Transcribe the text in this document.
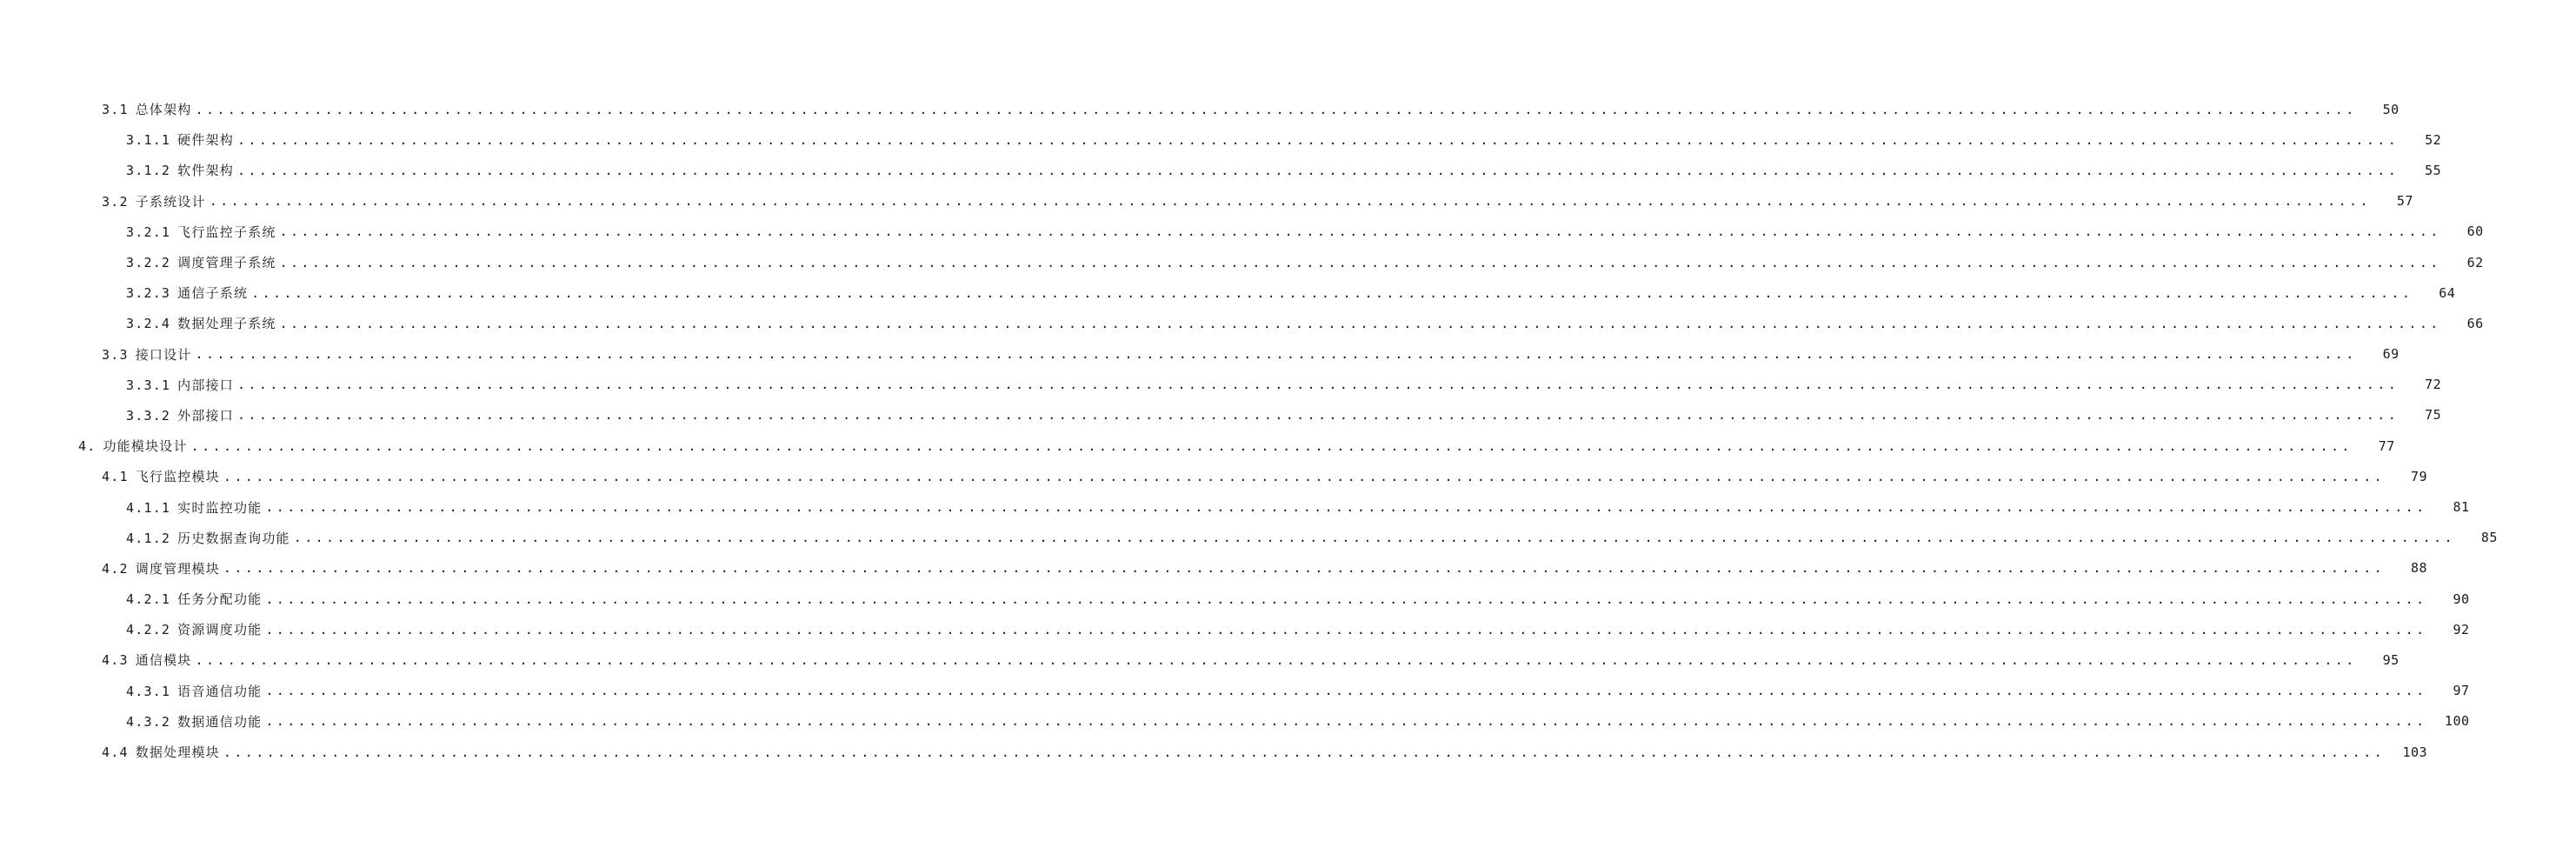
3.1 总体架构 ........................................................................................................................................................................................................	50
3.1.1 硬件架构 ........................................................................................................................................................................................................	52
3.1.2 软件架构 ........................................................................................................................................................................................................	55
3.2 子系统设计 ........................................................................................................................................................................................................	57
3.2.1 飞行监控子系统 ........................................................................................................................................................................................................	60
3.2.2 调度管理子系统 ........................................................................................................................................................................................................	62
3.2.3 通信子系统 ........................................................................................................................................................................................................	64
3.2.4 数据处理子系统 ........................................................................................................................................................................................................	66
3.3 接口设计 ........................................................................................................................................................................................................	69
3.3.1 内部接口 ........................................................................................................................................................................................................	72
3.3.2 外部接口 ........................................................................................................................................................................................................	75
4. 功能模块设计 ........................................................................................................................................................................................................	77
4.1 飞行监控模块 ........................................................................................................................................................................................................	79
4.1.1 实时监控功能 ........................................................................................................................................................................................................	81
4.1.2 历史数据查询功能 ........................................................................................................................................................................................................	85
4.2 调度管理模块 ........................................................................................................................................................................................................	88
4.2.1 任务分配功能 ........................................................................................................................................................................................................	90
4.2.2 资源调度功能 ........................................................................................................................................................................................................	92
4.3 通信模块 ........................................................................................................................................................................................................	95
4.3.1 语音通信功能 ........................................................................................................................................................................................................	97
4.3.2 数据通信功能 ........................................................................................................................................................................................................	100
4.4 数据处理模块 ........................................................................................................................................................................................................	103
